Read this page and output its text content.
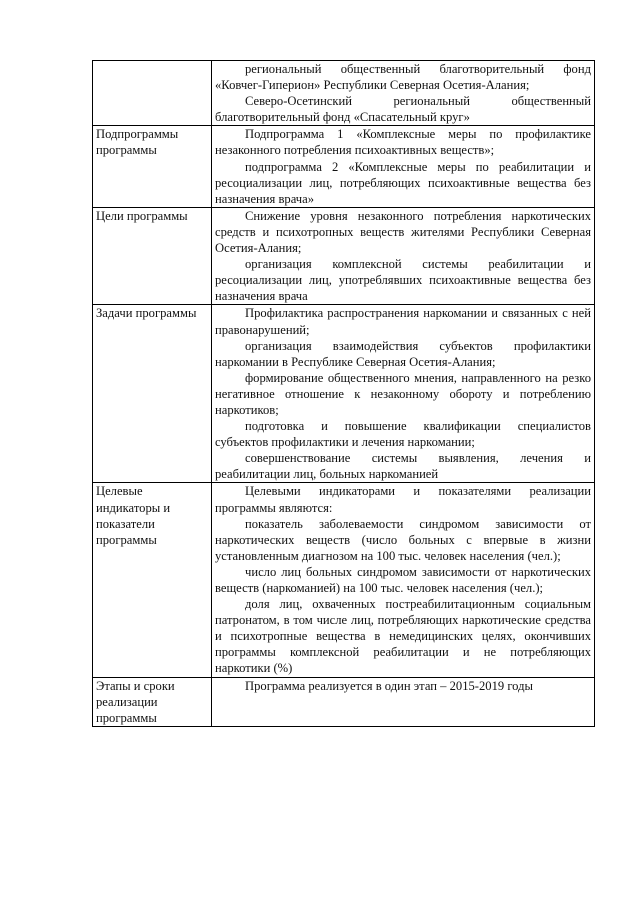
	региональный общественный благотворительный фонд «Ковчег-Гиперион» Республики Северная Осетия-Алания;

Северо-Осетинский региональный общественный благотворительный фонд «Спасательный круг»

Подпрограммы программы	Подпрограмма 1 «Комплексные меры по профилактике незаконного потребления психоактивных веществ»;

подпрограмма 2 «Комплексные меры по реабилитации и ресоциализации лиц, потребляющих психоактивные вещества без назначения врача»

Цели программы	Снижение уровня незаконного потребления наркотических средств и психотропных веществ жителями Республики Северная Осетия-Алания;

организация комплексной системы реабилитации и ресоциализации лиц, употреблявших психоактивные вещества без назначения врача

Задачи программы	Профилактика распространения наркомании и связанных с ней правонарушений;

организация взаимодействия субъектов профилактики наркомании в Республике Северная Осетия-Алания;

формирование общественного мнения, направленного на резко негативное отношение к незаконному обороту и потреблению наркотиков;

подготовка и повышение квалификации специалистов субъектов профилактики и лечения наркомании;

совершенствование системы выявления, лечения и реабилитации лиц, больных наркоманией

Целевые индикаторы и показатели программы	Целевыми индикаторами и показателями реализации программы являются:

показатель заболеваемости синдромом зависимости от наркотических веществ (число больных с впервые в жизни установленным диагнозом на 100 тыс. человек населения (чел.);

число лиц больных синдромом зависимости от наркотических веществ (наркоманией) на 100 тыс. человек населения (чел.);

доля лиц, охваченных постреабилитационным социальным патронатом, в том числе лиц, потребляющих наркотические средства и психотропные вещества в немедицинских целях, окончивших программы комплексной реабилитации и не потребляющих наркотики (%)

Этапы и сроки реализации программы	Программа реализуется в один этап – 2015-2019 годы
